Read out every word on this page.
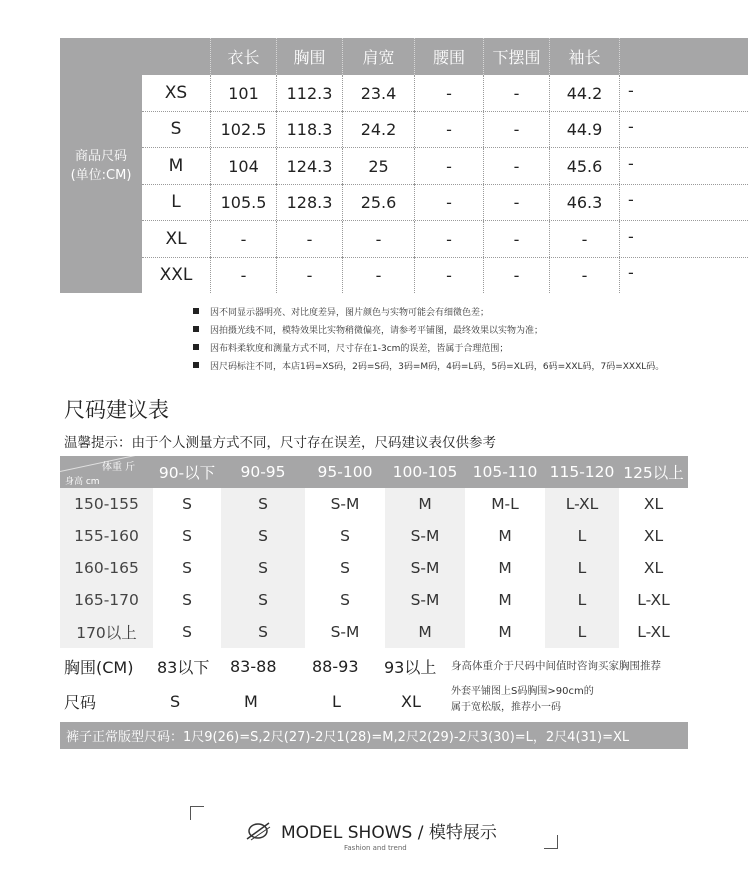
商品尺码
(单位:CM)
衣长	胸围	肩宽	腰围	下摆围	袖长
XS	101	112.3	23.4	-	-	44.2	-
S	102.5	118.3	24.2	-	-	44.9	-
M	104	124.3	25	-	-	45.6	-
L	105.5	128.3	25.6	-	-	46.3	-
XL	-	-	-	-	-	-	-
XXL	-	-	-	-	-	-	-
因不同显示器明亮、对比度差异，图片颜色与实物可能会有细微色差；
因拍摄光线不同，模特效果比实物稍微偏亮，请参考平铺图，最终效果以实物为准；
因布料柔软度和测量方式不同，尺寸存在1-3cm的误差，皆属于合理范围；
因尺码标注不同，本店1码=XS码，2码=S码，3码=M码，4码=L码，5码=XL码，6码=XXL码，7码=XXXL码。
尺码建议表
温馨提示：由于个人测量方式不同，尺寸存在误差，尺码建议表仅供参考
体重 斤
身高 cm	90-以下	90-95	95-100	100-105 105-110 115-120 125以上
150-155	S	S	S-M	M	M-L	L-XL	XL
155-160	S	S	S	S-M	M	L	XL
160-165	S	S	S	S-M	M	L	XL
165-170	S	S	S	S-M	M	L	L-XL
170以上	S	S	S-M	M	M	L	L-XL
胸围(CM) 83以下 83-88 88-93 93以上 身高体重介于尺码中间值时咨询买家胸围推荐
尺码	S	M	L	XL	外套平铺图上S码胸围>90cm的
属于宽松版，推荐小一码
裤子正常版型尺码：1尺9(26)=S,2尺(27)-2尺1(28)=M,2尺2(29)-2尺3(30)=L，2尺4(31)=XL
MODEL SHOWS / 模特展示
Fashion and trend
